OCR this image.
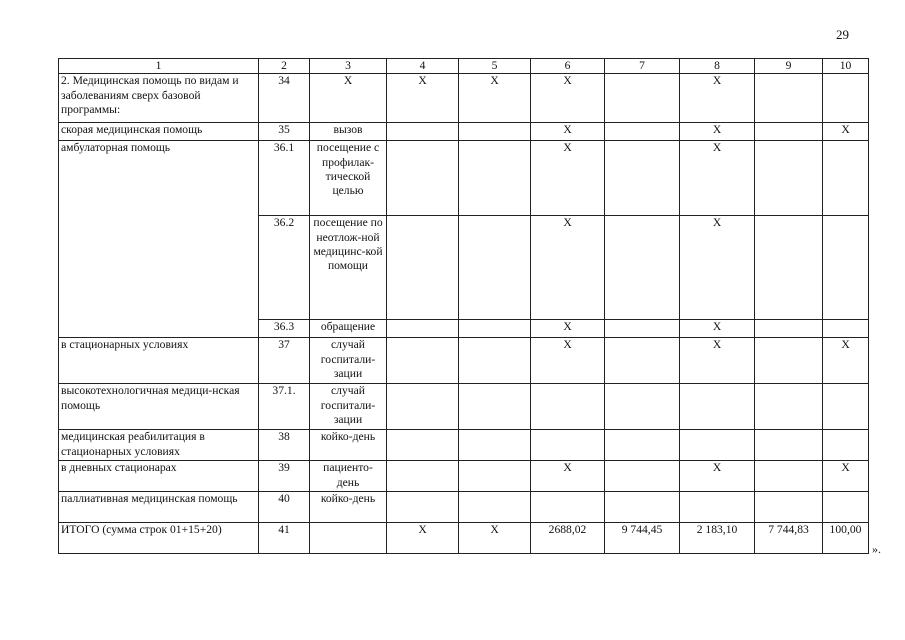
29
1	2	3	4	5	6	7	8	9	10
2. Медицинская помощь по видам и заболеваниям сверх базовой программы:	34	X	X	X	X		X		
скорая медицинская помощь	35	вызов			X		X		X
амбулаторная помощь	36.1	посещение с профилак-тической целью			X		X		
	36.2	посещение по неотлож-ной медицинс-кой помощи			X		X		
	36.3	обращение			X		X		
в стационарных условиях	37	случай госпитали-зации			X		X		X
высокотехнологичная медици-нская помощь	37.1.	случай госпитали-зации							
медицинская реабилитация в стационарных условиях	38	койко-день							
в дневных стационарах	39	пациенто-день			X		X		X
паллиативная медицинская помощь	40	койко-день							
ИТОГО (сумма строк 01+15+20)	41		X	X	2688,02	9 744,45	2 183,10	7 744,83	100,00
».
